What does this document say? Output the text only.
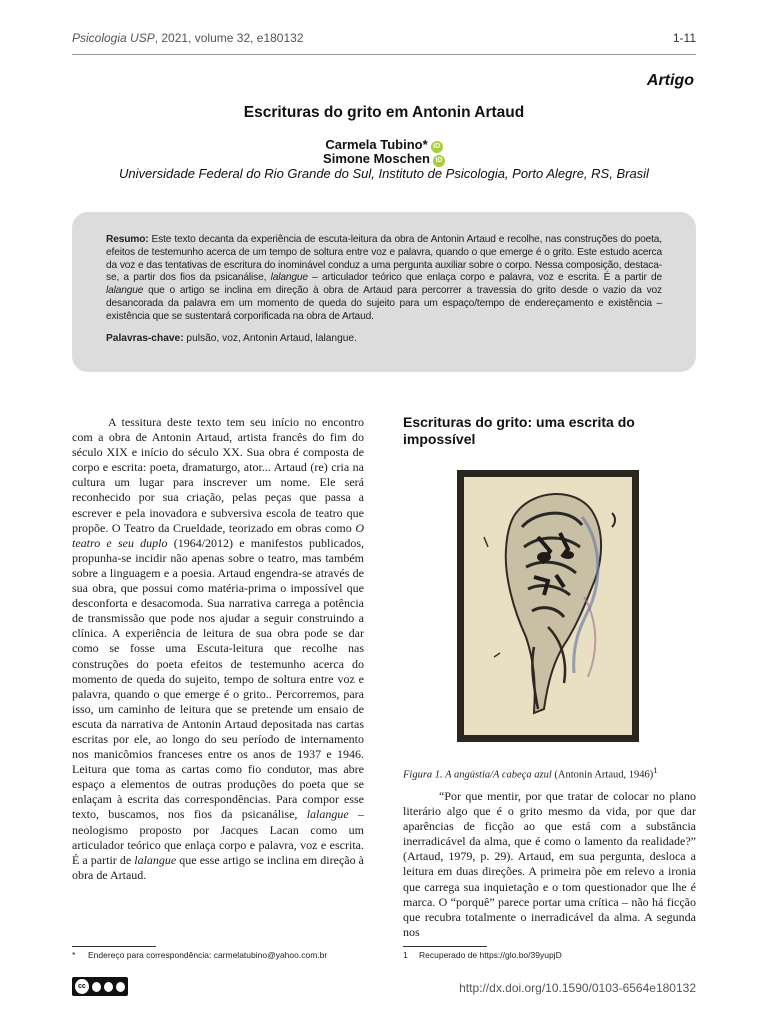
Psicologia USP, 2021, volume 32, e180132	1-11
Artigo
Escrituras do grito em Antonin Artaud
Carmela Tubino* iD
Simone Moschen iD
Universidade Federal do Rio Grande do Sul, Instituto de Psicologia, Porto Alegre, RS, Brasil
Resumo: Este texto decanta da experiência de escuta-leitura da obra de Antonin Artaud e recolhe, nas construções do poeta, efeitos de testemunho acerca de um tempo de soltura entre voz e palavra, quando o que emerge é o grito. Este estudo acerca da voz e das tentativas de escritura do inominável conduz a uma pergunta auxiliar sobre o corpo. Nessa composição, destaca-se, a partir dos fios da psicanálise, lalangue – articulador teórico que enlaça corpo e palavra, voz e escrita. É a partir de lalangue que o artigo se inclina em direção à obra de Artaud para percorrer a travessia do grito desde o vazio da voz desancorada da palavra em um momento de queda do sujeito para um espaço/tempo de endereçamento e existência – existência que se sustentará corporificada na obra de Artaud.
Palavras-chave: pulsão, voz, Antonin Artaud, lalangue.

A tessitura deste texto tem seu início no encontro com a obra de Antonin Artaud, artista francês do fim do século XIX e início do século XX. Sua obra é composta de corpo e escrita: poeta, dramaturgo, ator... Artaud (re) cria na cultura um lugar para inscrever um nome. Ele será reconhecido por sua criação, pelas peças que passa a escrever e pela inovadora e subversiva escola de teatro que propõe. O Teatro da Crueldade, teorizado em obras como O teatro e seu duplo (1964/2012) e manifestos publicados, propunha-se incidir não apenas sobre o teatro, mas também sobre a linguagem e a poesia. Artaud engendra-se através de sua obra, que possui como matéria-prima o impossível que desconforta e desacomoda. Sua narrativa carrega a potência de transmissão que pode nos ajudar a seguir construindo a clínica. A experiência de leitura de sua obra pode se dar como se fosse uma Escuta-leitura que recolhe nas construções do poeta efeitos de testemunho acerca do momento de queda do sujeito, tempo de soltura entre voz e palavra, quando o que emerge é o grito.. Percorremos, para isso, um caminho de leitura que se pretende um ensaio de escuta da narrativa de Antonin Artaud depositada nas cartas escritas por ele, ao longo do seu período de internamento nos manicômios franceses entre os anos de 1937 e 1946. Leitura que toma as cartas como fio condutor, mas abre espaço a elementos de outras produções do poeta que se enlaçam à escrita das correspondências. Para compor esse texto, buscamos, nos fios da psicanálise, lalangue – neologismo proposto por Jacques Lacan como um articulador teórico que enlaça corpo e palavra, voz e escrita. É a partir de lalangue que esse artigo se inclina em direção à obra de Artaud.

Escrituras do grito: uma escrita do impossível
Figura 1. A angústia/A cabeça azul (Antonin Artaud, 1946)$^1$

“Por que mentir, por que tratar de colocar no plano literário algo que é o grito mesmo da vida, por que dar aparências de ficção ao que está com a substância inerradicável da alma, que é como o lamento da realidade?” (Artaud, 1979, p. 29). Artaud, em sua pergunta, desloca a leitura em duas direções. A primeira põe em relevo a ironia que carrega sua inquietação e o tom questionador que lhe é marca. O “porquê” parece portar uma crítica – não há ficção que recubra totalmente o inerradicável da alma. A segunda nos

* Endereço para correspondência: carmelatubino@yahoo.com.br	1 Recuperado de https://glo.bo/39yupjD
cc	http://dx.doi.org/10.1590/0103-6564e180132
